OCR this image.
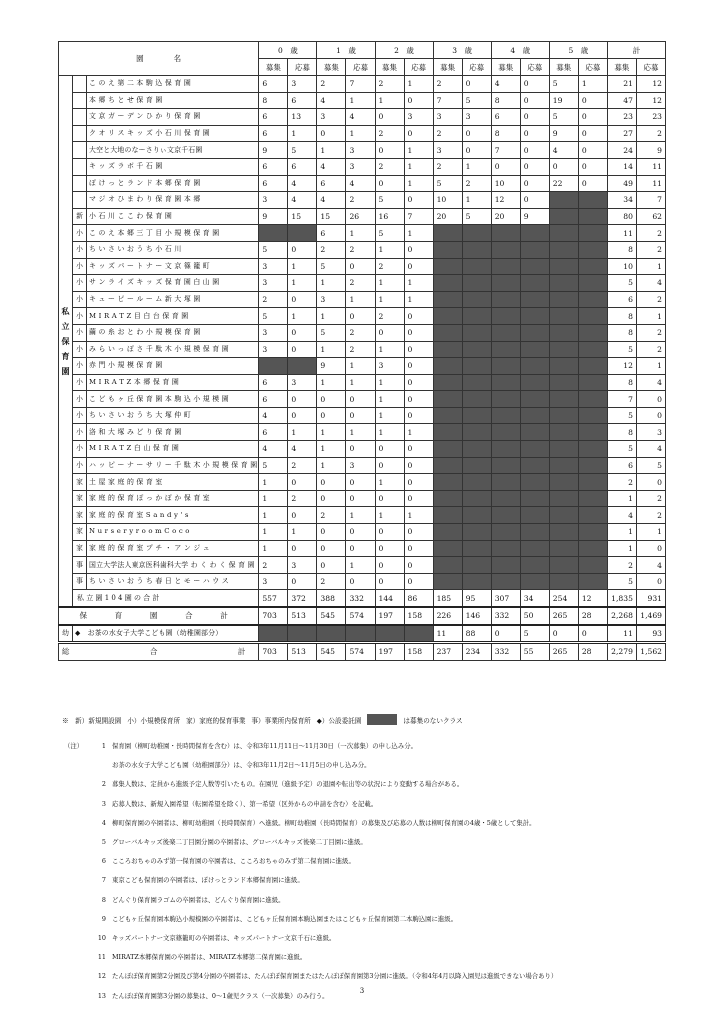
園　　　　名			0　歳		1　歳		2　歳		3　歳		4　歳		5　歳		計	
			募集	応募	募集	応募	募集	応募	募集	応募	募集	応募	募集	応募	募集	応募
私立保育園		こ の え 第 二 本 駒 込 保 育 園	6	3	2	7	2	1	2	0	4	0	5	1	21	12
		本 郷 ち と せ 保 育 園	8	6	4	1	1	0	7	5	8	0	19	0	47	12
		文 京 ガ ー デ ン ひ か り 保 育 園	6	13	3	4	0	3	3	3	6	0	5	0	23	23
		ク オ リ ス キ ッ ズ 小 石 川 保 育 園	6	1	0	1	2	0	2	0	8	0	9	0	27	2
		大空と大地のなーさりぃ文京千石園	9	5	1	3	0	1	3	0	7	0	4	0	24	9
		キ ッ ズ ラ ボ 千 石 園	6	6	4	3	2	1	2	1	0	0	0	0	14	11
		ぽ け っ と ラ ン ド 本 郷 保 育 園	6	4	6	4	0	1	5	2	10	0	22	0	49	11
		マ ジ オ ひ ま わ り 保 育 園 本 郷	3	4	4	2	5	0	10	1	12	0			34	7
	新	小 石 川 こ こ わ 保 育 園	9	15	15	26	16	7	20	5	20	9			80	62
	小	こ の え 本 郷 三 丁 目 小 規 模 保 育 園			6	1	5	1							11	2
	小	ち い さ い お う ち 小 石 川	5	0	2	2	1	0							8	2
	小	キ ッ ズ パ ー ト ナ ー 文 京 篠 籠 町	3	1	5	0	2	0							10	1
	小	サ ン ラ イ ズ キ ッ ズ 保 育 園 白 山 園	3	1	1	2	1	1							5	4
	小	キ ュ ー ピ ー ル ー ム 新 大 塚 園	2	0	3	1	1	1							6	2
	小	M I R A T Z 目 白 台 保 育 園	5	1	1	0	2	0							8	1
	小	繭 の 糸 お と わ 小 規 模 保 育 園	3	0	5	2	0	0							8	2
	小	み ら い っ ぽ さ 千 駄 木 小 規 模 保 育 園	3	0	1	2	1	0							5	2
	小	赤 門 小 規 模 保 育 園			9	1	3	0							12	1
	小	M I R A T Z 本 郷 保 育 園	6	3	1	1	1	0							8	4
	小	こ ど も ヶ 丘 保 育 園 本 駒 込 小 規 模 園	6	0	0	0	1	0							7	0
	小	ち い さ い お う ち 大 塚 仲 町	4	0	0	0	1	0							5	0
	小	洛 和 大 塚 み ど り 保 育 園	6	1	1	1	1	1							8	3
	小	M I R A T Z 白 山 保 育 園	4	4	1	0	0	0							5	4
	小	ハ ッ ピ ー ナ ー サ リ ー 千 駄 木 小 規 模 保 育 園	5	2	1	3	0	0							6	5
	家	土 屋 家 庭 的 保 育 室	1	0	0	0	1	0							2	0
	家	家 庭 的 保 育 ぽ っ か ぽ か 保 育 室	1	2	0	0	0	0							1	2
	家	家 庭 的 保 育 室 S a n d y ' s	1	0	2	1	1	1							4	2
	家	N u r s e r y r o o m C o c o	1	1	0	0	0	0							1	1
	家	家 庭 的 保 育 室 プ チ ・ ア ン ジ ュ	1	0	0	0	0	0							1	0
	事	国立大学法人東京医科歯科大学 わ く わ く 保 育 園	2	3	0	1	0	0							2	4
	事	ち い さ い お う ち 春 日 と モ ー ハ ウ ス	3	0	2	0	0	0							5	0
	私 立 園 1 0 4 園 の 合 計		557	372	388	332	144	86	185	95	307	34	254	12	1,835	931
保　育　園　合　計			703	513	545	574	197	158	226	146	332	50	265	28	2,268	1,469
幼	◆　お茶の水女子大学こども園（幼稚園部分）								11	88	0	5	0	0	11	93
総　　　　合　　　　計			703	513	545	574	197	158	237	234	332	55	265	28	2,279	1,562
※　新）新規開設園 小）小規模保育所 家）家庭的保育事業 事）事業所内保育所 ◆）公設委託園	は募集のないクラス
（注）	1 保育園（柳町幼稚園・長時間保育を含む）は、令和3年11月11日～11月30日（一次募集）の申し込み分。
お茶の水女子大学こども園（幼稚園部分）は、令和3年11月2日～11月5日の申し込み分。
2 募集人数は、定員から進級予定人数等引いたもの。在園児（進級予定）の退園や転出等の状況により変動する場合がある。
3 応募人数は、新規入園希望（転園希望を除く）、第一希望（区外からの申請を含む）を記載。
4 柳町保育園の卒園者は、柳町幼稚園（長時間保育）へ進級。柳町幼稚園（長時間保育）の募集及び応募の人数は柳町保育園の4歳・5歳として集計。
5 グローバルキッズ後楽二丁目園分園の卒園者は、グローバルキッズ後楽二丁目園に進級。
6 こころおちゃのみず第一保育園の卒園者は、こころおちゃのみず第二保育園に進級。
7 東京こども保育園の卒園者は、ぽけっとランド本郷保育園に進級。
8 どんぐり保育園ラゴムの卒園者は、どんぐり保育園に進級。
9 こどもヶ丘保育園本駒込小規模園の卒園者は、こどもヶ丘保育園本駒込園またはこどもヶ丘保育園第二本駒込園に進級。
10 キッズパートナー文京篠籠町の卒園者は、キッズパートナー文京千石に進級。
11 MIRATZ本郷保育園の卒園者は、MIRATZ本郷第二保育園に進級。
12 たんぽぽ保育園第2分園及び第4分園の卒園者は、たんぽぽ保育園またはたんぽぽ保育園第3分園に進級。（令和4年4月以降入園児は進級できない場合あり）
13 たんぽぽ保育園第3分園の募集は、0～1歳児クラス（一次募集）のみ行う。
3
